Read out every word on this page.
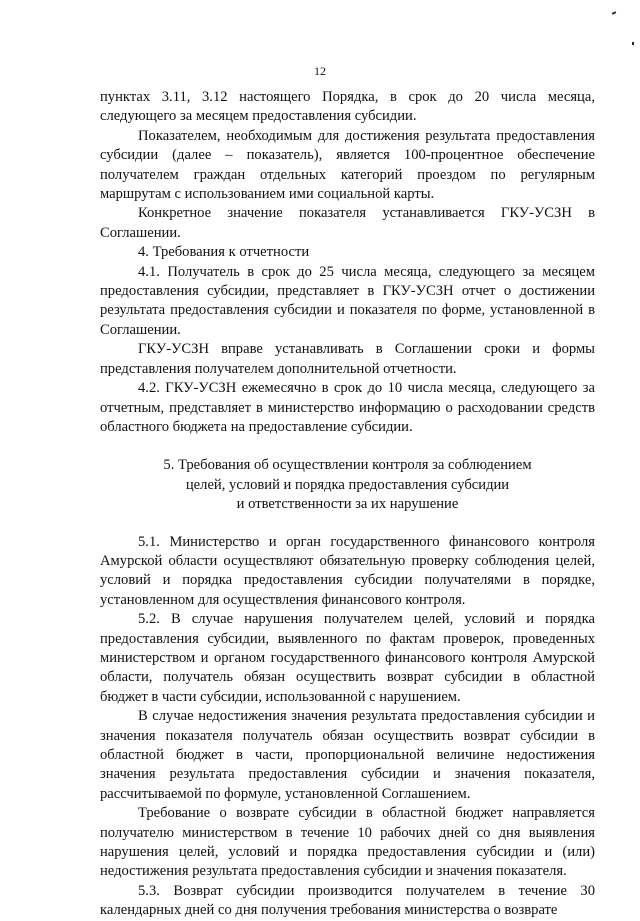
12

пунктах 3.11, 3.12 настоящего Порядка, в срок до 20 числа месяца, следующего за месяцем предоставления субсидии.

Показателем, необходимым для достижения результата предоставления субсидии (далее – показатель), является 100-процентное обеспечение получателем граждан отдельных категорий проездом по регулярным маршрутам с использованием ими социальной карты.

Конкретное значение показателя устанавливается ГКУ-УСЗН в Соглашении.

4. Требования к отчетности

4.1. Получатель в срок до 25 числа месяца, следующего за месяцем предоставления субсидии, представляет в ГКУ-УСЗН отчет о достижении результата предоставления субсидии и показателя по форме, установленной в Соглашении.

ГКУ-УСЗН вправе устанавливать в Соглашении сроки и формы представления получателем дополнительной отчетности.

4.2. ГКУ-УСЗН ежемесячно в срок до 10 числа месяца, следующего за отчетным, представляет в министерство информацию о расходовании средств областного бюджета на предоставление субсидии.

5. Требования об осуществлении контроля за соблюдением
целей, условий и порядка предоставления субсидии
и ответственности за их нарушение

5.1. Министерство и орган государственного финансового контроля Амурской области осуществляют обязательную проверку соблюдения целей, условий и порядка предоставления субсидии получателями в порядке, установленном для осуществления финансового контроля.

5.2. В случае нарушения получателем целей, условий и порядка предоставления субсидии, выявленного по фактам проверок, проведенных министерством и органом государственного финансового контроля Амурской области, получатель обязан осуществить возврат субсидии в областной бюджет в части субсидии, использованной с нарушением.

В случае недостижения значения результата предоставления субсидии и значения показателя получатель обязан осуществить возврат субсидии в областной бюджет в части, пропорциональной величине недостижения значения результата предоставления субсидии и значения показателя, рассчитываемой по формуле, установленной Соглашением.

Требование о возврате субсидии в областной бюджет направляется получателю министерством в течение 10 рабочих дней со дня выявления нарушения целей, условий и порядка предоставления субсидии и (или) недостижения результата предоставления субсидии и значения показателя.

5.3. Возврат субсидии производится получателем в течение 30 календарных дней со дня получения требования министерства о возврате
